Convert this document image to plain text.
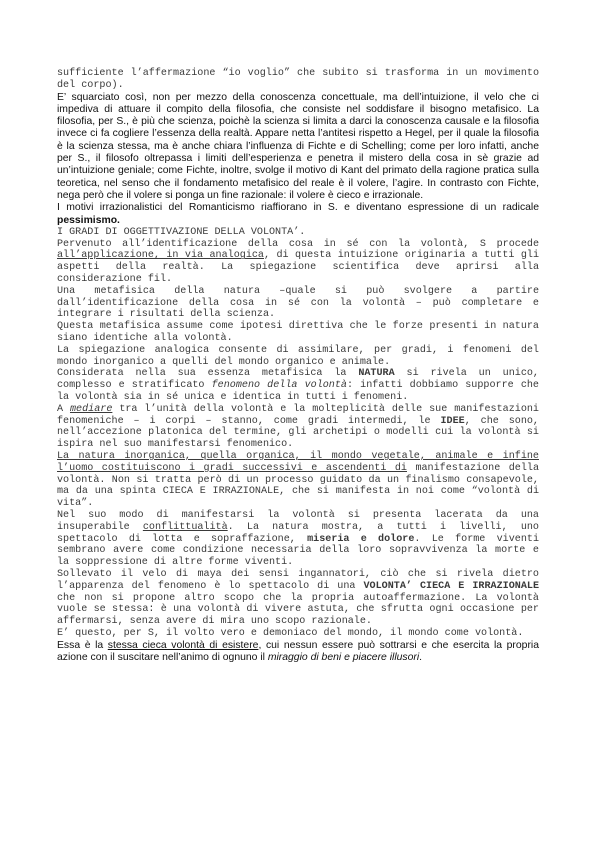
sufficiente l’affermazione “io voglio” che subito si trasforma in un movimento del corpo).

E’ squarciato così, non per mezzo della conoscenza concettuale, ma dell’intuizione, il velo che ci impediva di attuare il compito della filosofia, che consiste nel soddisfare il bisogno metafisico. La filosofia, per S., è più che scienza, poichè la scienza si limita a darci la conoscenza causale e la filosofia invece ci fa cogliere l’essenza della realtà. Appare netta l’antitesi rispetto a Hegel, per il quale la filosofia è la scienza stessa, ma è anche chiara l’influenza di Fichte e di Schelling; come per loro infatti, anche per S., il filosofo oltrepassa i limiti dell’esperienza e penetra il mistero della cosa in sè grazie ad un’intuizione geniale; come Fichte, inoltre, svolge il motivo di Kant del primato della ragione pratica sulla teoretica, nel senso che il fondamento metafisico del reale è il volere, l’agire. In contrasto con Fichte, nega però che il volere si ponga un fine razionale: il volere è cieco e irrazionale.

I motivi irrazionalistici del Romanticismo riaffiorano in S. e diventano espressione di un radicale pessimismo.

I GRADI DI OGGETTIVAZIONE DELLA VOLONTA’.

Pervenuto all’identificazione della cosa in sé con la volontà, S procede all’applicazione, in via analogica, di questa intuizione originaria a tutti gli aspetti della realtà. La spiegazione scientifica deve aprirsi alla considerazione fil.

Una metafisica della natura –quale si può svolgere a partire dall’identificazione della cosa in sé con la volontà – può completare e integrare i risultati della scienza.

Questa metafisica assume come ipotesi direttiva che le forze presenti in natura siano identiche alla volontà.

La spiegazione analogica consente di assimilare, per gradi, i fenomeni del mondo inorganico a quelli del mondo organico e animale.

Considerata nella sua essenza metafisica la NATURA si rivela un unico, complesso e stratificato fenomeno della volontà: infatti dobbiamo supporre che la volontà sia in sé unica e identica in tutti i fenomeni.

A mediare tra l’unità della volontà e la molteplicità delle sue manifestazioni fenomeniche – i corpi – stanno, come gradi intermedi, le IDEE, che sono, nell’accezione platonica del termine, gli archetipi o modelli cui la volontà si ispira nel suo manifestarsi fenomenico.

La natura inorganica, quella organica, il mondo vegetale, animale e infine l’uomo costituiscono i gradi successivi e ascendenti di manifestazione della volontà. Non si tratta però di un processo guidato da un finalismo consapevole, ma da una spinta CIECA E IRRAZIONALE, che si manifesta in noi come “volontà di vita”.

Nel suo modo di manifestarsi la volontà si presenta lacerata da una insuperabile conflittualità. La natura mostra, a tutti i livelli, uno spettacolo di lotta e sopraffazione, miseria e dolore. Le forme viventi sembrano avere come condizione necessaria della loro sopravvivenza la morte e la soppressione di altre forme viventi.

Sollevato il velo di maya dei sensi ingannatori, ciò che si rivela dietro l’apparenza del fenomeno è lo spettacolo di una VOLONTA’ CIECA E IRRAZIONALE che non si propone altro scopo che la propria autoaffermazione. La volontà vuole se stessa: è una volontà di vivere astuta, che sfrutta ogni occasione per affermarsi, senza avere di mira uno scopo razionale.

E’ questo, per S, il volto vero e demoniaco del mondo, il mondo come volontà.

Essa è la stessa cieca volontà di esistere, cui nessun essere può sottrarsi e che esercita la propria azione con il suscitare nell’animo di ognuno il miraggio di beni e piacere illusori.
